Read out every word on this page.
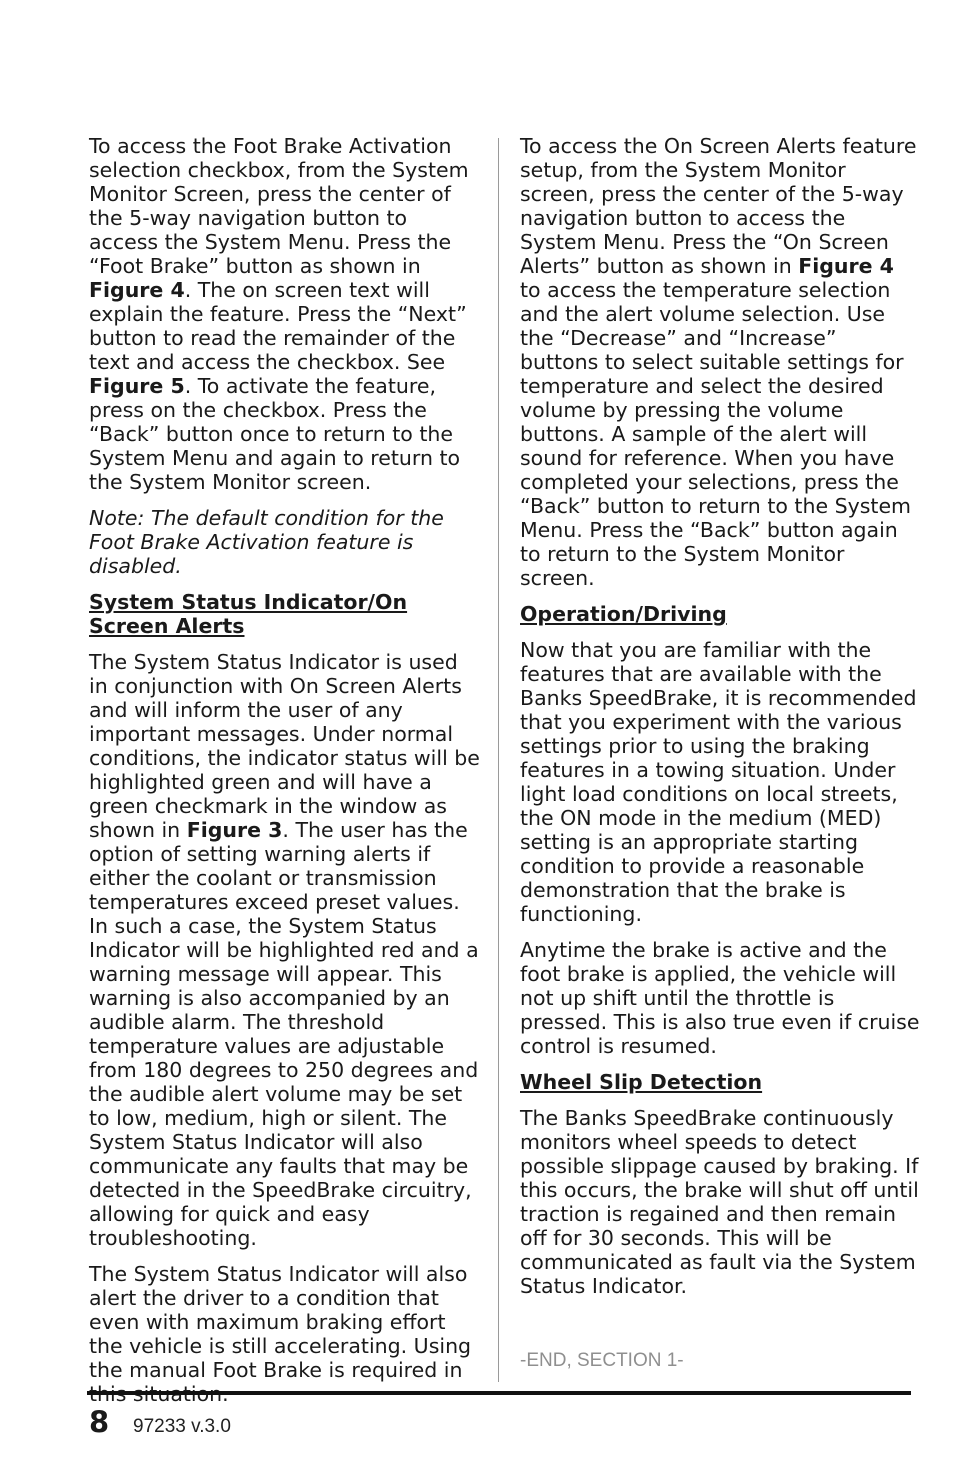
To access the Foot Brake Activation selection checkbox, from the System Monitor Screen, press the center of the 5-way navigation button to access the System Menu. Press the “Foot Brake” button as shown in Figure 4. The on screen text will explain the feature. Press the “Next” button to read the remainder of the text and access the checkbox. See Figure 5. To activate the feature, press on the checkbox. Press the “Back” button once to return to the System Menu and again to return to the System Monitor screen.

Note: The default condition for the Foot Brake Activation feature is disabled.

System Status Indicator/On Screen Alerts

The System Status Indicator is used in conjunction with On Screen Alerts and will inform the user of any important messages. Under normal conditions, the indicator status will be highlighted green and will have a green checkmark in the window as shown in Figure 3. The user has the option of setting warning alerts if either the coolant or transmission temperatures exceed preset values. In such a case, the System Status Indicator will be highlighted red and a warning message will appear. This warning is also accompanied by an audible alarm. The threshold temperature values are adjustable from 180 degrees to 250 degrees and the audible alert volume may be set to low, medium, high or silent. The System Status Indicator will also communicate any faults that may be detected in the SpeedBrake circuitry, allowing for quick and easy troubleshooting.

The System Status Indicator will also alert the driver to a condition that even with maximum braking effort the vehicle is still accelerating. Using the manual Foot Brake is required in

To access the On Screen Alerts feature setup, from the System Monitor screen, press the center of the 5-way navigation button to access the System Menu. Press the “On Screen Alerts” button as shown in Figure 4 to access the temperature selection and the alert volume selection. Use the “Decrease” and “Increase” buttons to select suitable settings for temperature and select the desired volume by pressing the volume buttons. A sample of the alert will sound for reference. When you have completed your selections, press the “Back” button to return to the System Menu. Press the “Back” button again to return to the System Monitor screen.

Operation/Driving

Now that you are familiar with the features that are available with the Banks SpeedBrake, it is recommended that you experiment with the various settings prior to using the braking features in a towing situation. Under light load conditions on local streets, the ON mode in the medium (MED) setting is an appropriate starting condition to provide a reasonable demonstration that the brake is functioning.

Anytime the brake is active and the foot brake is applied, the vehicle will not up shift until the throttle is pressed. This is also true even if cruise control is resumed.

Wheel Slip Detection

The Banks SpeedBrake continuously monitors wheel speeds to detect possible slippage caused by braking. If this occurs, the brake will shut off until traction is regained and then remain off for 30 seconds. This will be communicated as fault via the System Status Indicator.

-END, SECTION 1-
8 97233 v.3.0
